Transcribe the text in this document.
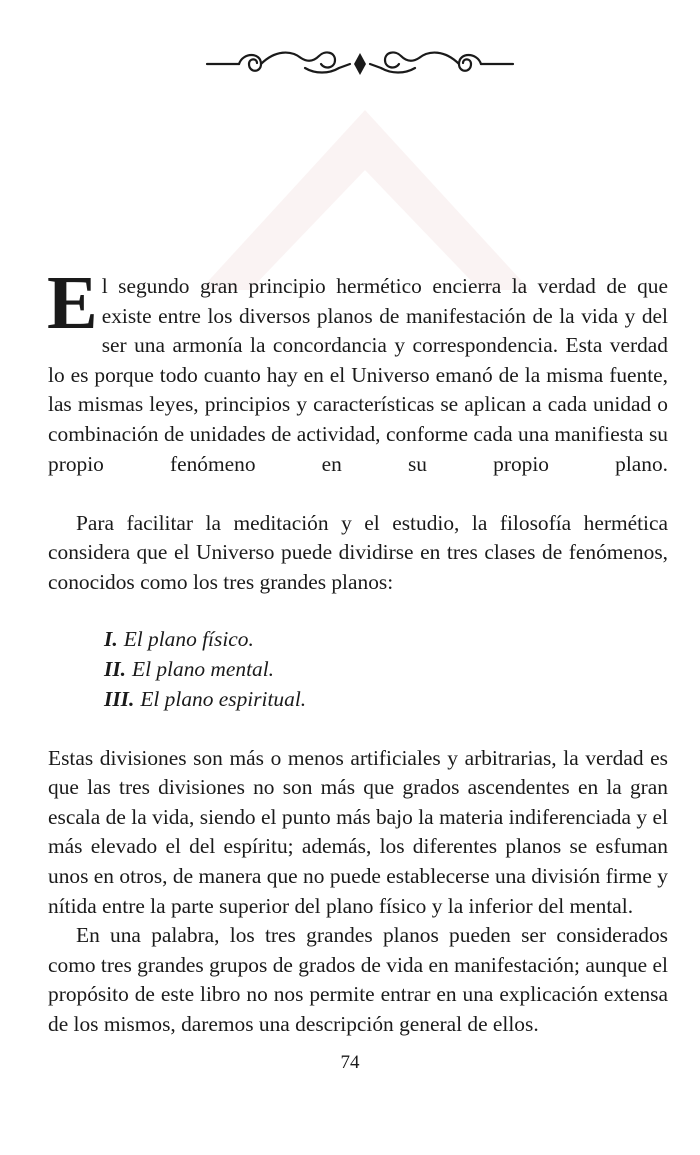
El segundo gran principio hermético encierra la verdad de que existe entre los diversos planos de manifestación de la vida y del ser una armonía la concordancia y correspondencia. Esta verdad lo es porque todo cuanto hay en el Universo emanó de la misma fuente, las mismas leyes, principios y características se aplican a cada unidad o combinación de unidades de actividad, conforme cada una manifiesta su propio fenómeno en su propio plano.

Para facilitar la meditación y el estudio, la filosofía hermética considera que el Universo puede dividirse en tres clases de fenómenos, conocidos como los tres grandes planos:

I. El plano físico.
II. El plano mental.
III. El plano espiritual.

Estas divisiones son más o menos artificiales y arbitrarias, la verdad es que las tres divisiones no son más que grados ascendentes en la gran escala de la vida, siendo el punto más bajo la materia indiferenciada y el más elevado el del espíritu; además, los diferentes planos se esfuman unos en otros, de manera que no puede establecerse una división firme y nítida entre la parte superior del plano físico y la inferior del mental.

En una palabra, los tres grandes planos pueden ser considerados como tres grandes grupos de grados de vida en manifestación; aunque el propósito de este libro no nos permite entrar en una explicación extensa de los mismos, daremos una descripción general de ellos.

74
